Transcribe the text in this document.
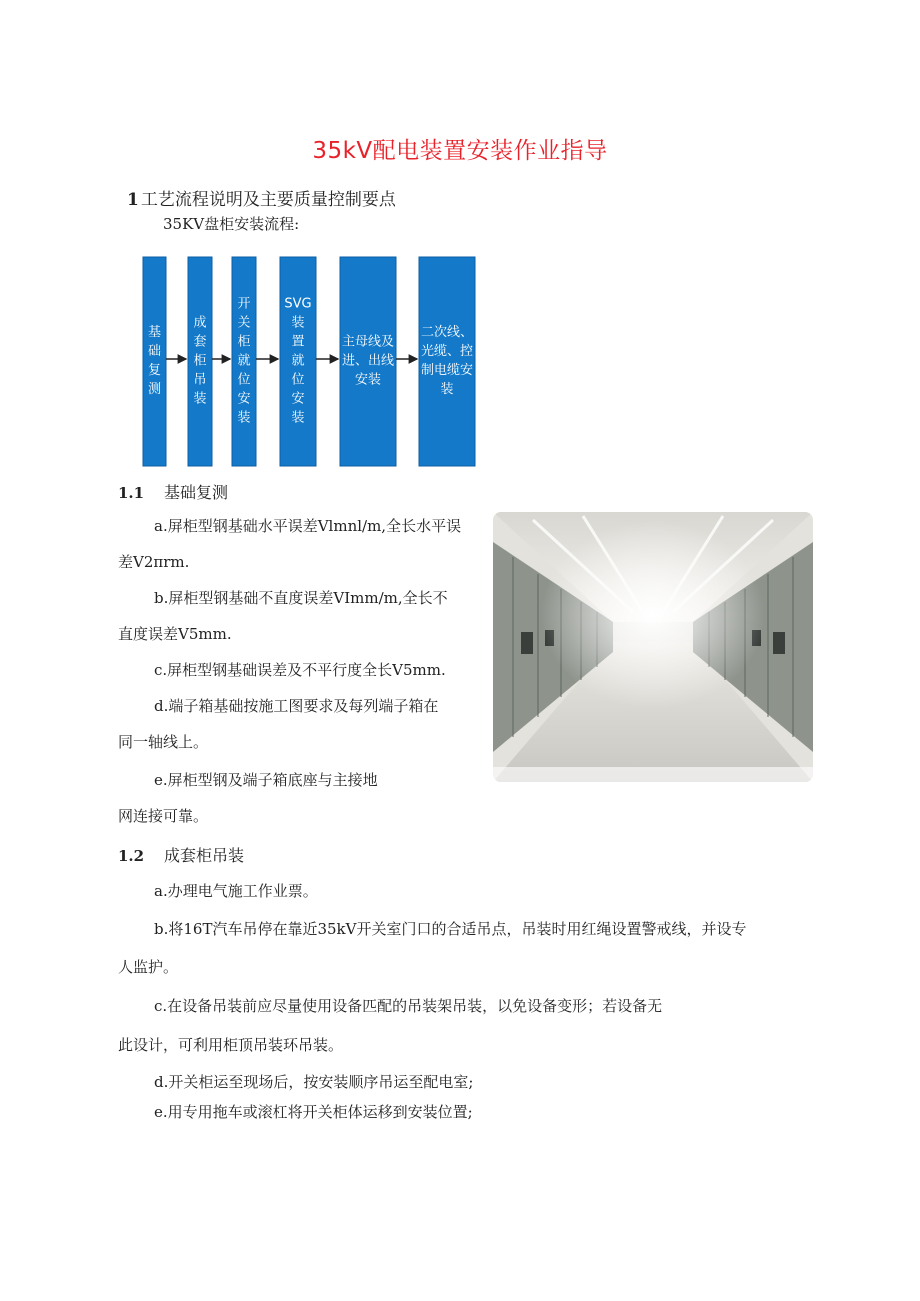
35kV配电装置安装作业指导
1 工艺流程说明及主要质量控制要点
35KV盘柜安装流程:
基础复测
成套柜吊装
开关柜就位安装
SVG 装置就位安装
主母线及进、出线安装
二次线、光缆、控制电缆安装
1.1 基础复测
a.屏柜型钢基础水平误差Vlmnl∕m,全长水平误
差V2πrm.
b.屏柜型钢基础不直度误差VImm∕m,全长不
直度误差V5mm.
c.屏柜型钢基础误差及不平行度全长V5mm.
d.端子箱基础按施工图要求及每列端子箱在
同一轴线上。
e.屏柜型钢及端子箱底座与主接地
网连接可靠。
1.2 成套柜吊装
a.办理电气施工作业票。
b.将16T汽车吊停在靠近35kV开关室门口的合适吊点，吊装时用红绳设置警戒线，并设专
人监护。
c.在设备吊装前应尽量使用设备匹配的吊装架吊装，以免设备变形；若设备无
此设计，可利用柜顶吊装环吊装。
d.开关柜运至现场后，按安装顺序吊运至配电室;
e.用专用拖车或滚杠将开关柜体运移到安装位置;
